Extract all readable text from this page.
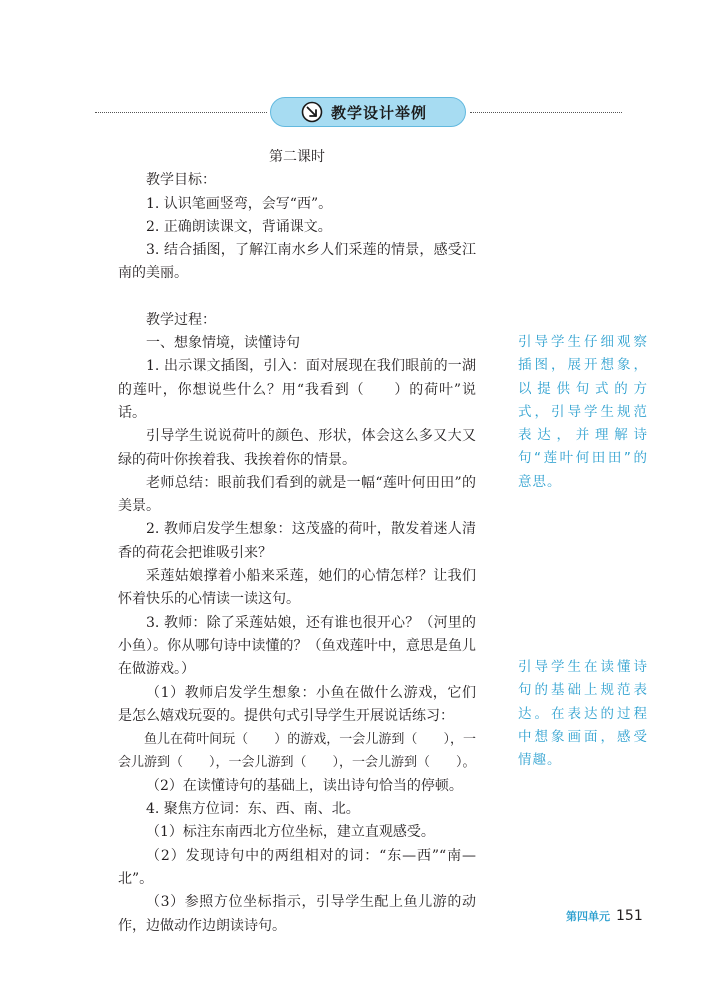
教学设计举例

第二课时

教学目标：

1. 认识笔画竖弯，会写“西”。

2. 正确朗读课文，背诵课文。

3. 结合插图，了解江南水乡人们采莲的情景，感受江南的美丽。

教学过程：

一、想象情境，读懂诗句

1. 出示课文插图，引入：面对展现在我们眼前的一湖的莲叶，你想说些什么？用“我看到（　　）的荷叶”说话。

引导学生说说荷叶的颜色、形状，体会这么多又大又绿的荷叶你挨着我、我挨着你的情景。

老师总结：眼前我们看到的就是一幅“莲叶何田田”的美景。

2. 教师启发学生想象：这茂盛的荷叶，散发着迷人清香的荷花会把谁吸引来？

采莲姑娘撑着小船来采莲，她们的心情怎样？让我们怀着快乐的心情读一读这句。

3. 教师：除了采莲姑娘，还有谁也很开心？（河里的小鱼）。你从哪句诗中读懂的？（鱼戏莲叶中，意思是鱼儿在做游戏。）

（1）教师启发学生想象：小鱼在做什么游戏，它们是怎么嬉戏玩耍的。提供句式引导学生开展说话练习：

鱼儿在荷叶间玩（　　）的游戏，一会儿游到（　　），一会儿游到（　　），一会儿游到（　　），一会儿游到（　　）。

（2）在读懂诗句的基础上，读出诗句恰当的停顿。

4. 聚焦方位词：东、西、南、北。

（1）标注东南西北方位坐标，建立直观感受。

（2）发现诗句中的两组相对的词：“东—西”“南—北”。

（3）参照方位坐标指示，引导学生配上鱼儿游的动作，边做动作边朗读诗句。

引导学生仔细观察插图，展开想象，以提供句式的方式，引导学生规范表达，并理解诗句“莲叶何田田”的意思。
引导学生在读懂诗句的基础上规范表达。在表达的过程中想象画面，感受情趣。
第四单元 151
